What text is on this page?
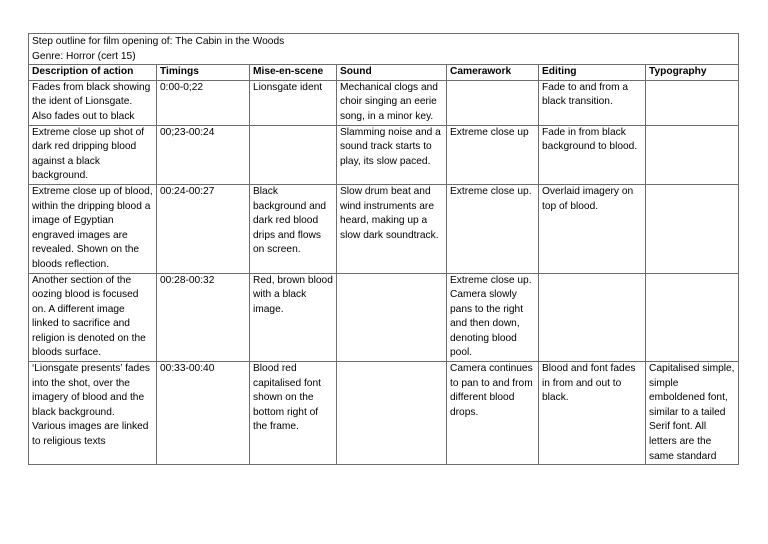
Step outline for film opening of: The Cabin in the Woods
Genre: Horror (cert 15)						

Description of action	Timings	Mise-en-scene	Sound	Camerawork	Editing	Typography
Fades from black showing the ident of Lionsgate. Also fades out to black	0:00-0;22	Lionsgate ident	Mechanical clogs and choir singing an eerie song, in a minor key.		Fade to and from a black transition.	
Extreme close up shot of dark red dripping blood against a black background.	00;23-00:24		Slamming noise and a sound track starts to play, its slow paced.	Extreme close up	Fade in from black background to blood.	
Extreme close up of blood, within the dripping blood a image of Egyptian engraved images are revealed. Shown on the bloods reflection.	00:24-00:27	Black background and dark red blood drips and flows on screen.	Slow drum beat and wind instruments are heard, making up a slow dark soundtrack.	Extreme close up.	Overlaid imagery on top of blood.	
Another section of the oozing blood is focused on. A different image linked to sacrifice and religion is denoted on the bloods surface.	00:28-00:32	Red, brown blood with a black image.		Extreme close up. Camera slowly pans to the right and then down, denoting blood pool.		
‘Lionsgate presents’ fades into the shot, over the imagery of blood and the black background.
Various images are linked to religious texts	00:33-00:40	Blood red capitalised font shown on the bottom right of the frame.		Camera continues to pan to and from different blood drops.	Blood and font fades in from and out to black.	Capitalised simple, simple emboldened font, similar to a tailed Serif font. All letters are the same standard
